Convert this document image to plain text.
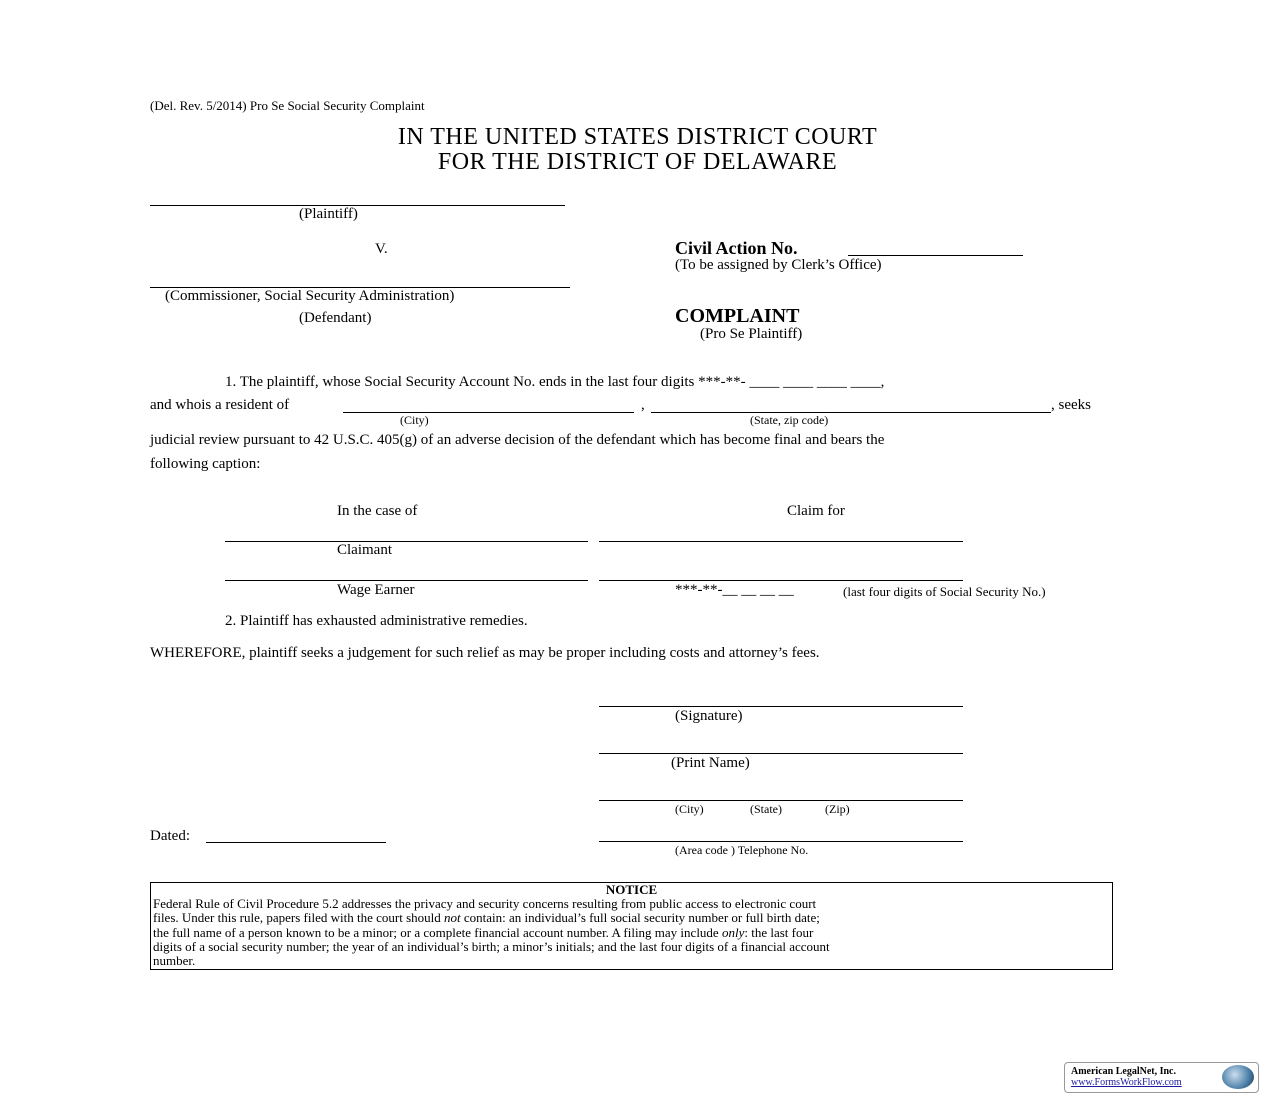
(Del. Rev. 5/2014) Pro Se Social Security Complaint
IN THE UNITED STATES DISTRICT COURT
FOR THE DISTRICT OF DELAWARE
(Plaintiff)
V.
(Commissioner, Social Security Administration)
(Defendant)
Civil Action No.
(To be assigned by Clerk’s Office)
COMPLAINT
(Pro Se Plaintiff)
1. The plaintiff, whose Social Security Account No. ends in the last four digits ***-**- ____ ____ ____ ____,
and whois a resident of	,	, seeks
(City)	(State, zip code)
judicial review pursuant to 42 U.S.C. 405(g) of an adverse decision of the defendant which has become final and bears the
following caption:
In the case of	Claim for
Claimant
Wage Earner	***-**-__ __ __ __	(last four digits of Social Security No.)
2. Plaintiff has exhausted administrative remedies.
WHEREFORE, plaintiff seeks a judgement for such relief as may be proper including costs and attorney’s fees.
(Signature)
(Print Name)
(City)	(State)	(Zip)
Dated:
(Area code ) Telephone No.
NOTICE
Federal Rule of Civil Procedure 5.2 addresses the privacy and security concerns resulting from public access to electronic court
files. Under this rule, papers filed with the court should not contain: an individual’s full social security number or full birth date;
the full name of a person known to be a minor; or a complete financial account number. A filing may include only: the last four
digits of a social security number; the year of an individual’s birth; a minor’s initials; and the last four digits of a financial account
number.
American LegalNet, Inc.
www.FormsWorkFlow.com
